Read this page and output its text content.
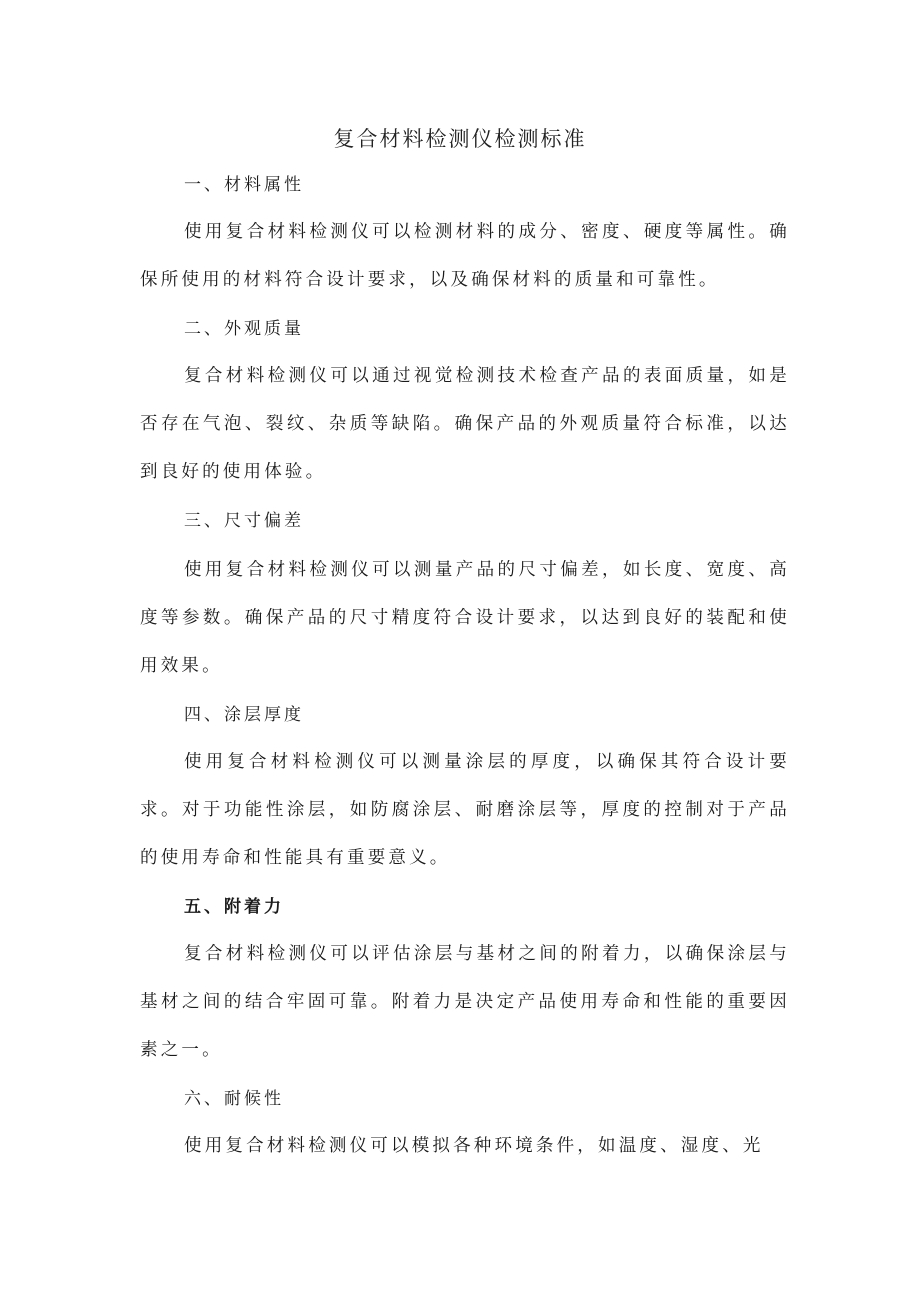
复合材料检测仪检测标准
一、材料属性

使用复合材料检测仪可以检测材料的成分、密度、硬度等属性。确保所使用的材料符合设计要求，以及确保材料的质量和可靠性。

二、外观质量

复合材料检测仪可以通过视觉检测技术检查产品的表面质量，如是否存在气泡、裂纹、杂质等缺陷。确保产品的外观质量符合标准，以达到良好的使用体验。

三、尺寸偏差

使用复合材料检测仪可以测量产品的尺寸偏差，如长度、宽度、高度等参数。确保产品的尺寸精度符合设计要求，以达到良好的装配和使用效果。

四、涂层厚度

使用复合材料检测仪可以测量涂层的厚度，以确保其符合设计要求。对于功能性涂层，如防腐涂层、耐磨涂层等，厚度的控制对于产品的使用寿命和性能具有重要意义。

五、附着力

复合材料检测仪可以评估涂层与基材之间的附着力，以确保涂层与基材之间的结合牢固可靠。附着力是决定产品使用寿命和性能的重要因素之一。

六、耐候性

使用复合材料检测仪可以模拟各种环境条件，如温度、湿度、光
